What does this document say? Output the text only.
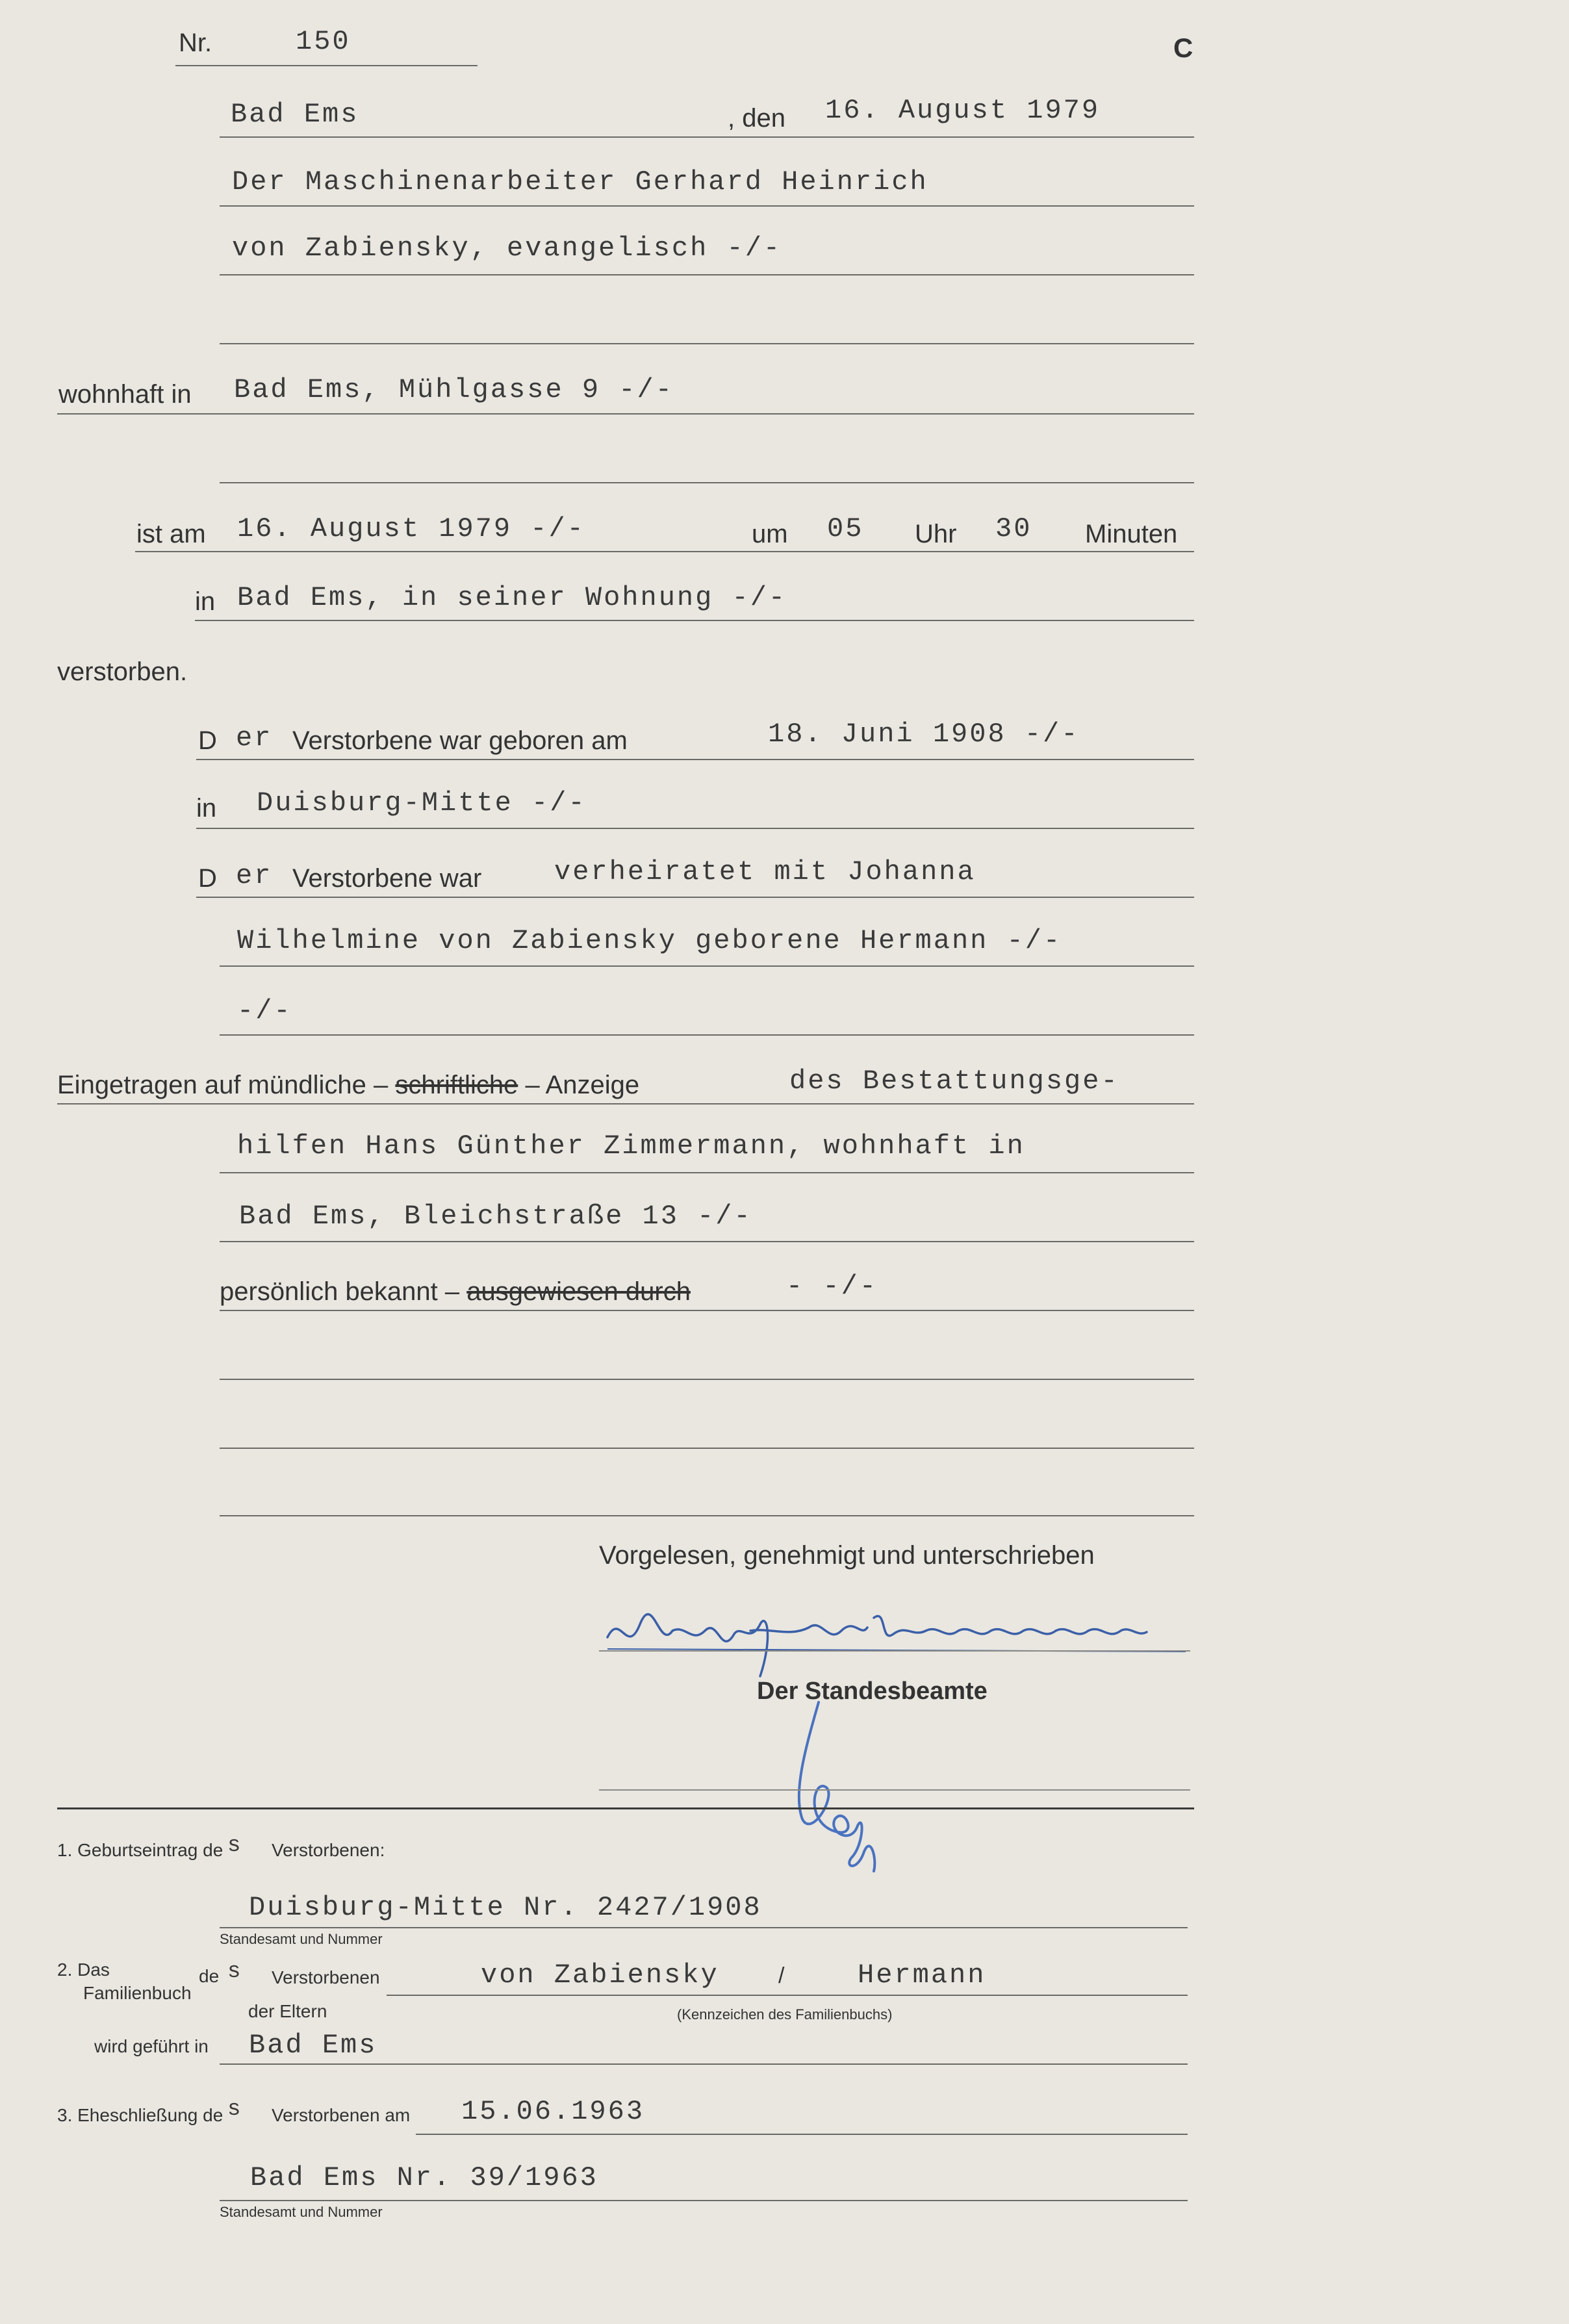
Nr.	150	C
Bad Ems	, den 16. August 1979
Der Maschinenarbeiter Gerhard Heinrich
von Zabiensky, evangelisch -/-
wohnhaft in Bad Ems, Mühlgasse 9 -/-
ist am 16. August 1979 -/-	um 05 Uhr 30 Minuten
in Bad Ems, in seiner Wohnung -/-
verstorben.
D er Verstorbene war geboren am	18. Juni 1908 -/-
in Duisburg-Mitte -/-
D er Verstorbene war	verheiratet mit Johanna
Wilhelmine von Zabiensky geborene Hermann -/-
-/-
Eingetragen auf mündliche – schriftliche – Anzeige	des Bestattungsge-
hilfen Hans Günther Zimmermann, wohnhaft in
Bad Ems, Bleichstraße 13 -/-
persönlich bekannt – ausgewiesen durch	- -/-
Vorgelesen, genehmigt und unterschrieben
Der Standesbeamte
1. Geburtseintrag de s Verstorbenen:
Duisburg-Mitte Nr. 2427/1908
Standesamt und Nummer
2. Das
Familienbuch
de s Verstorbenen
der Eltern
von Zabiensky	/	Hermann
(Kennzeichen des Familienbuchs)
wird geführt in Bad Ems
3. Eheschließung de s Verstorbenen am 15.06.1963
Bad Ems Nr. 39/1963
Standesamt und Nummer
